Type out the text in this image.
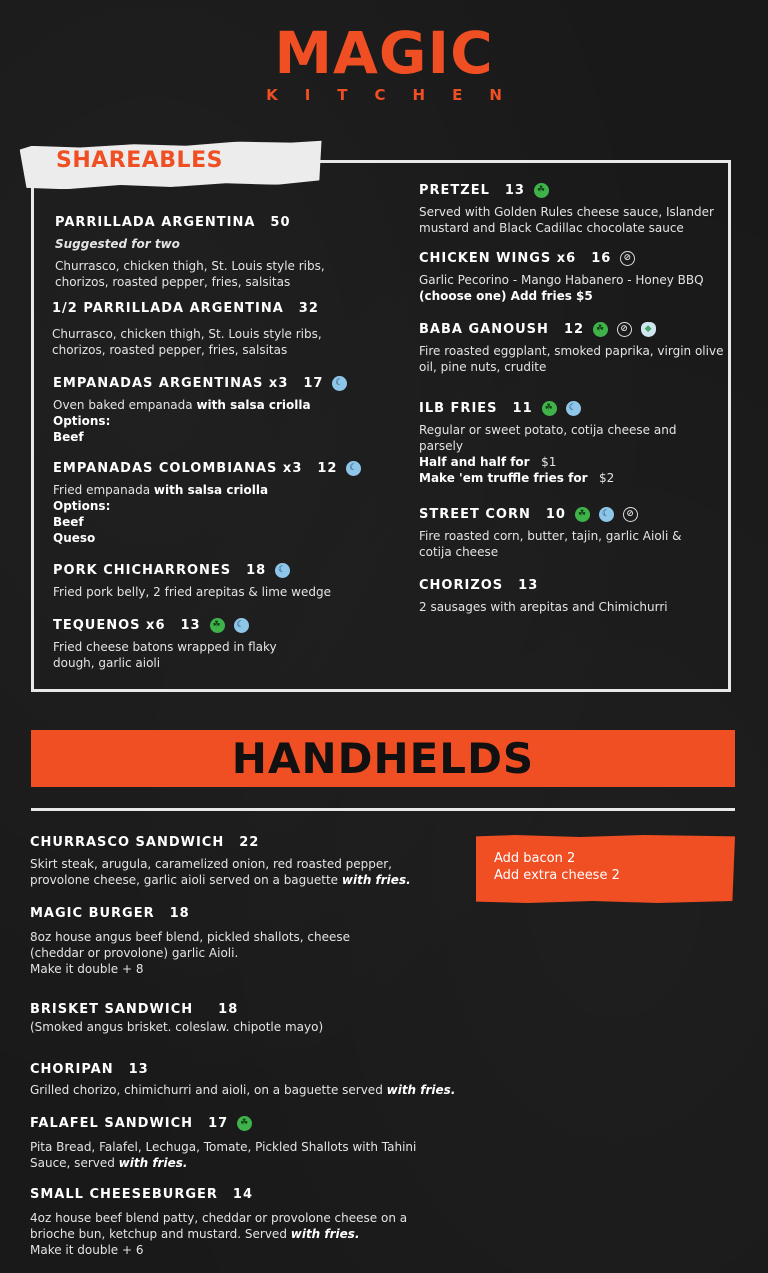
MAGIC
KITCHEN
SHAREABLES
PARRILLADA ARGENTINA 50
Suggested for two
Churrasco, chicken thigh, St. Louis style ribs, chorizos, roasted pepper, fries, salsitas
1/2 PARRILLADA ARGENTINA 32
Churrasco, chicken thigh, St. Louis style ribs, chorizos, roasted pepper, fries, salsitas
EMPANADAS ARGENTINAS x3 17	☾
Oven baked empanada with salsa criolla
Options:
Beef
EMPANADAS COLOMBIANAS x3 12	☾
Fried empanada with salsa criolla
Options:
Beef
Queso
PORK CHICHARRONES 18	☾
Fried pork belly, 2 fried arepitas & lime wedge
TEQUENOS x6 13	☘	☾
Fried cheese batons wrapped in flaky dough, garlic aioli
PRETZEL 13	☘
Served with Golden Rules cheese sauce, Islander mustard and Black Cadillac chocolate sauce
CHICKEN WINGS x6 16	⊘
Garlic Pecorino - Mango Habanero - Honey BBQ
(choose one) Add fries $5
BABA GANOUSH 12	☘	⊘	◆
Fire roasted eggplant, smoked paprika, virgin olive oil, pine nuts, crudite
ILB FRIES 11	☘	☾
Regular or sweet potato, cotija cheese and parsely
Half and half for $1
Make 'em truffle fries for $2
STREET CORN 10	☘	☾	⊘
Fire roasted corn, butter, tajin, garlic Aioli & cotija cheese
CHORIZOS 13
2 sausages with arepitas and Chimichurri
HANDHELDS
Add bacon 2
Add extra cheese 2
CHURRASCO SANDWICH 22
Skirt steak, arugula, caramelized onion, red roasted pepper, provolone cheese, garlic aioli served on a baguette with fries.
MAGIC BURGER 18
8oz house angus beef blend, pickled shallots, cheese (cheddar or provolone) garlic Aioli.
Make it double + 8
BRISKET SANDWICH 18
(Smoked angus brisket. coleslaw. chipotle mayo)
CHORIPAN 13
Grilled chorizo, chimichurri and aioli, on a baguette served with fries.
FALAFEL SANDWICH 17	☘
Pita Bread, Falafel, Lechuga, Tomate, Pickled Shallots with Tahini Sauce, served with fries.
SMALL CHEESEBURGER 14
4oz house beef blend patty, cheddar or provolone cheese on a brioche bun, ketchup and mustard. Served with fries.
Make it double + 6
